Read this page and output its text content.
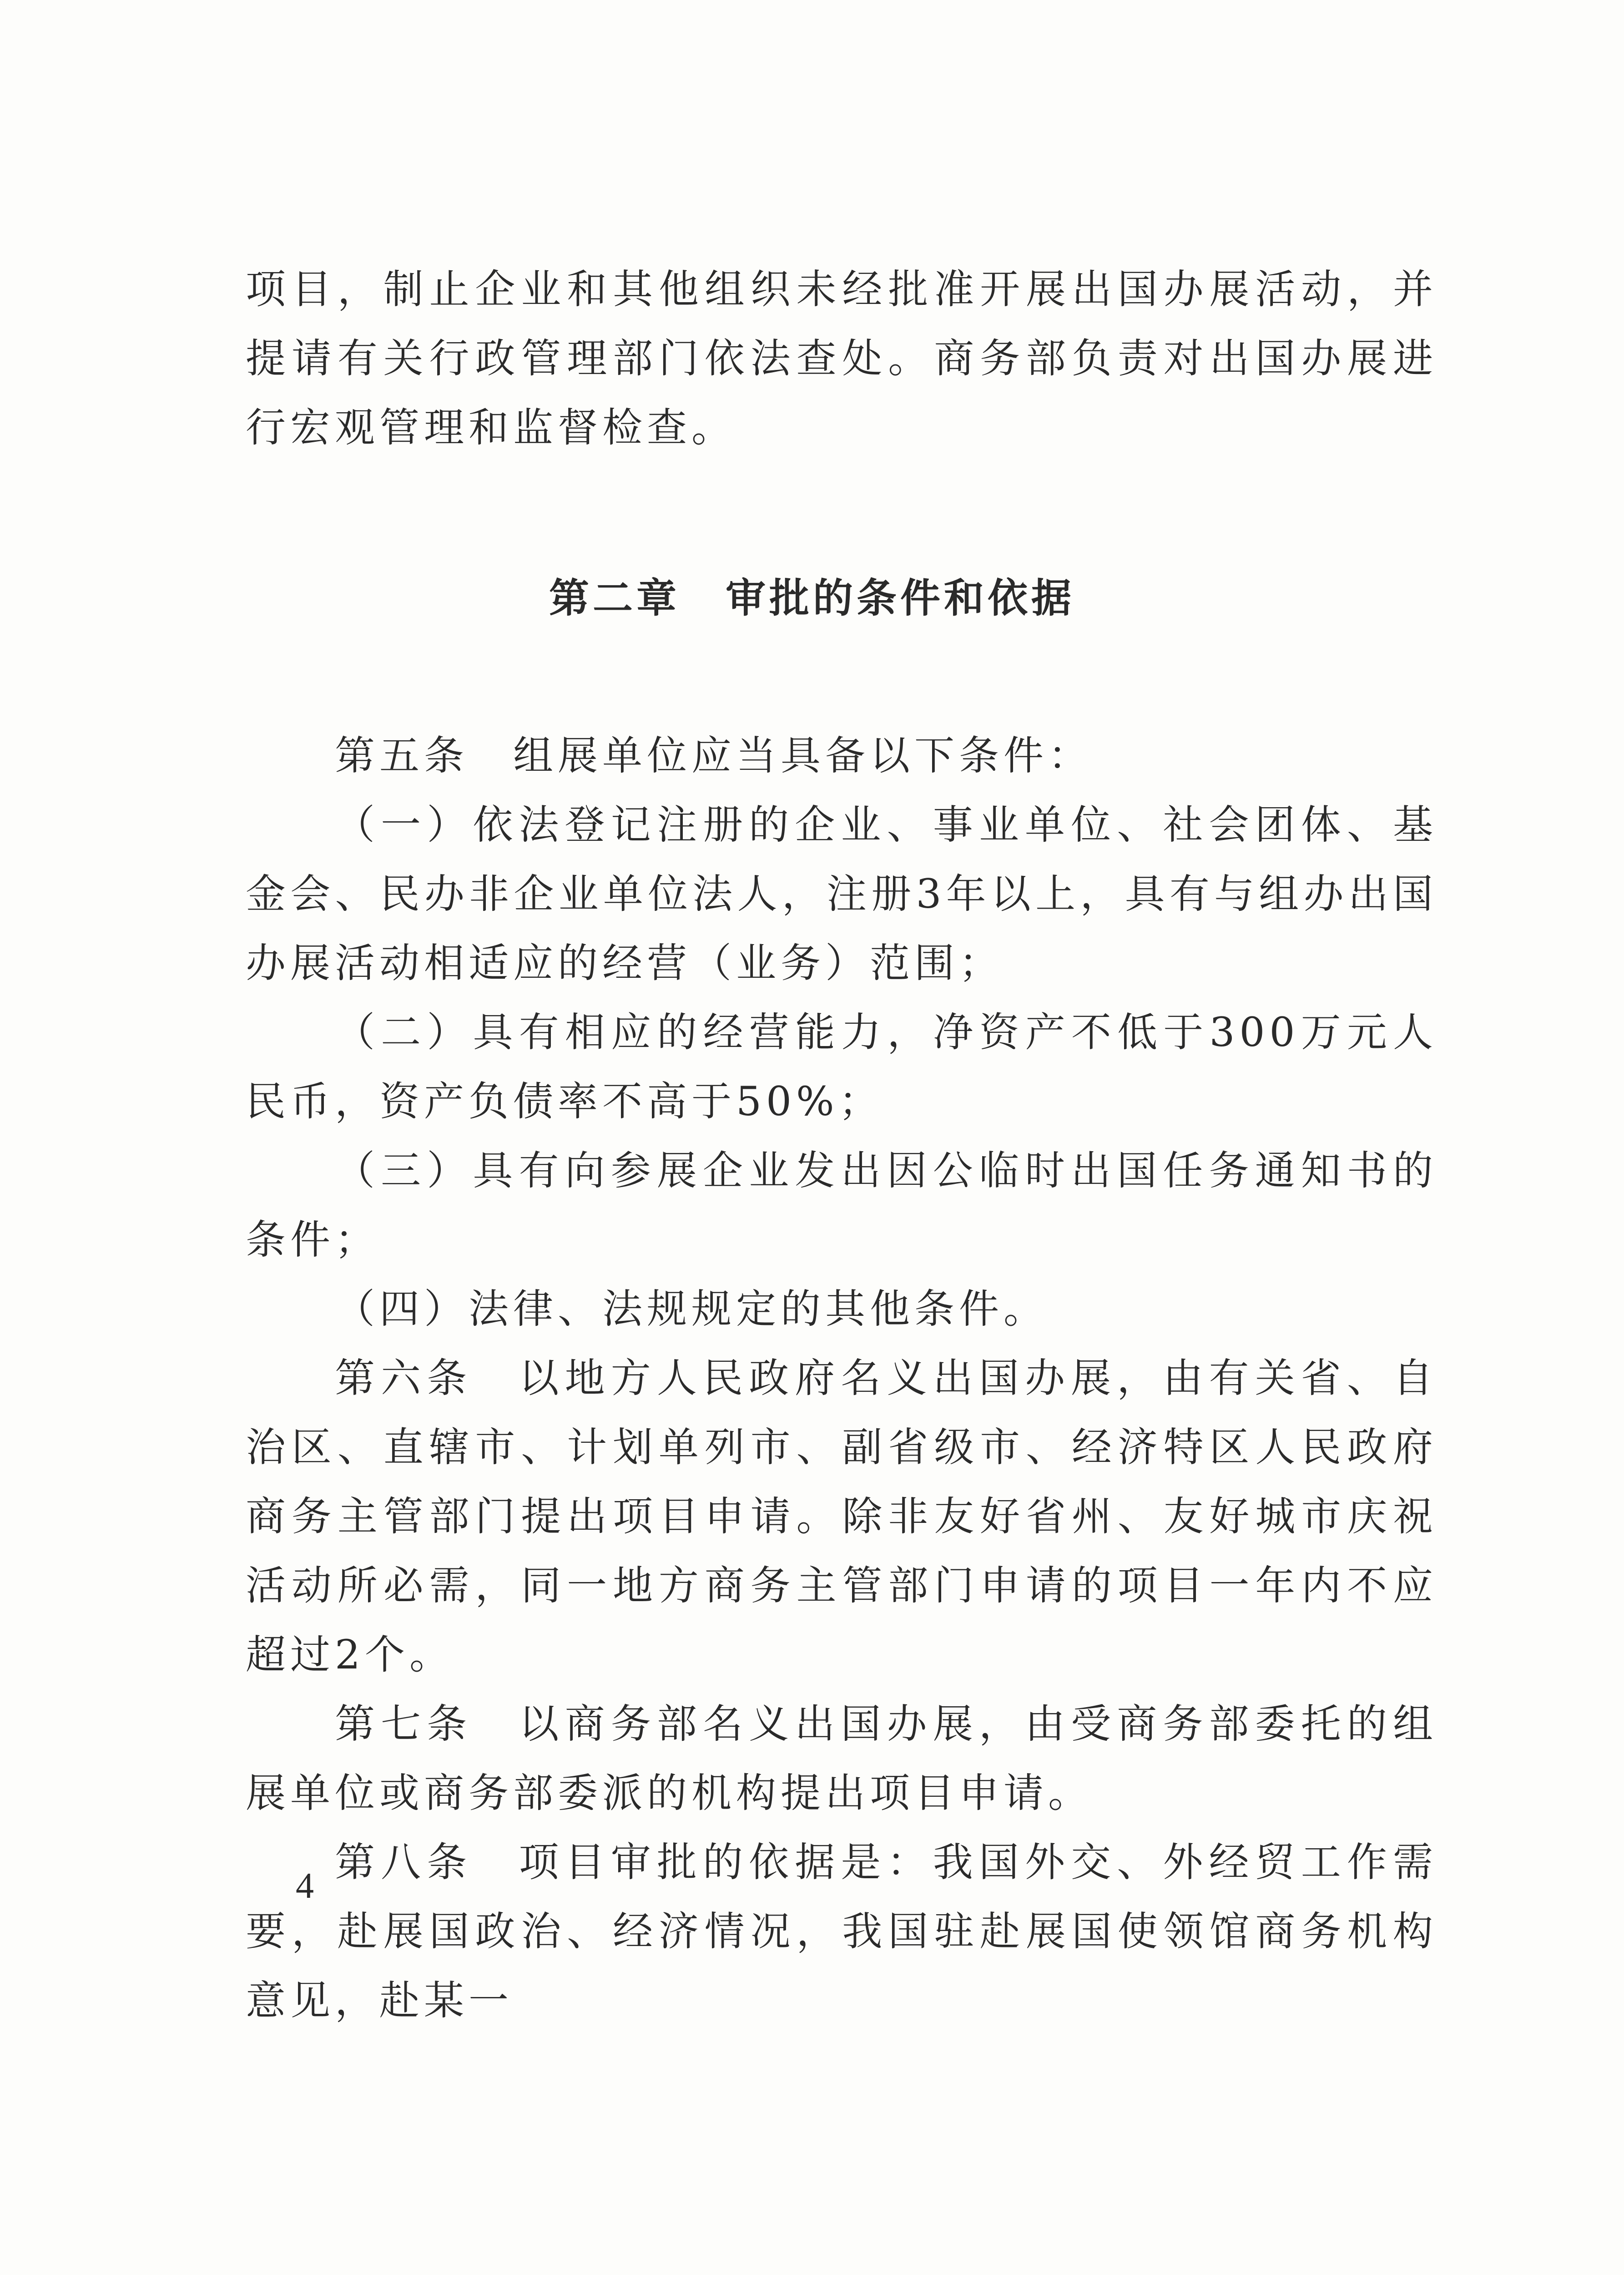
项目，制止企业和其他组织未经批准开展出国办展活动，并提请有关行政管理部门依法查处。商务部负责对出国办展进行宏观管理和监督检查。

第二章 审批的条件和依据

第五条　组展单位应当具备以下条件：

（一）依法登记注册的企业、事业单位、社会团体、基金会、民办非企业单位法人，注册3年以上，具有与组办出国办展活动相适应的经营（业务）范围；

（二）具有相应的经营能力，净资产不低于300万元人民币，资产负债率不高于50%；

（三）具有向参展企业发出因公临时出国任务通知书的条件；

（四）法律、法规规定的其他条件。

第六条　以地方人民政府名义出国办展，由有关省、自治区、直辖市、计划单列市、副省级市、经济特区人民政府商务主管部门提出项目申请。除非友好省州、友好城市庆祝活动所必需，同一地方商务主管部门申请的项目一年内不应超过2个。

第七条　以商务部名义出国办展，由受商务部委托的组展单位或商务部委派的机构提出项目申请。

第八条　项目审批的依据是：我国外交、外经贸工作需要，赴展国政治、经济情况，我国驻赴展国使领馆商务机构意见，赴某一

4
